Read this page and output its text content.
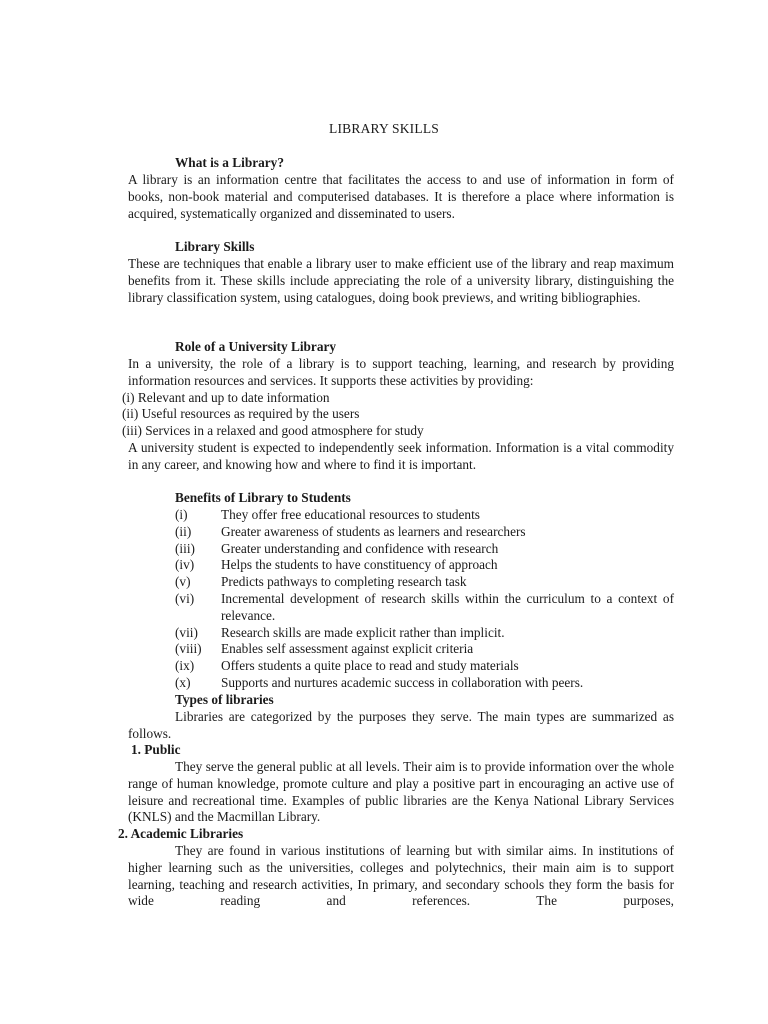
LIBRARY SKILLS
What is a Library?

A library is an information centre that facilitates the access to and use of information in form of books, non-book material and computerised databases. It is therefore a place where information is acquired, systematically organized and disseminated to users.

Library Skills

These are techniques that enable a library user to make efficient use of the library and reap maximum benefits from it. These skills include appreciating the role of a university library, distinguishing the library classification system, using catalogues, doing book previews, and writing bibliographies.

Role of a University Library

In a university, the role of a library is to support teaching, learning, and research by providing information resources and services. It supports these activities by providing:

(i) Relevant and up to date information

(ii) Useful resources as required by the users

(iii) Services in a relaxed and good atmosphere for study

A university student is expected to independently seek information. Information is a vital commodity in any career, and knowing how and where to find it is important.

Benefits of Library to Students

(i)	They offer free educational resources to students

(ii) Greater awareness of students as learners and researchers

(iii) Greater understanding and confidence with research

(iv) Helps the students to have constituency of approach

(v) Predicts pathways to completing research task

(vi) Incremental development of research skills within the curriculum to a context of relevance.

(vii) Research skills are made explicit rather than implicit.

(viii) Enables self assessment against explicit criteria

(ix) Offers students a quite place to read and study materials

(x) Supports and nurtures academic success in collaboration with peers.

Types of libraries

Libraries are categorized by the purposes they serve. The main types are summarized as follows.

1. Public

They serve the general public at all levels. Their aim is to provide information over the whole range of human knowledge, promote culture and play a positive part in encouraging an active use of leisure and recreational time. Examples of public libraries are the Kenya National Library Services (KNLS) and the Macmillan Library.

2. Academic Libraries

They are found in various institutions of learning but with similar aims. In institutions of higher learning such as the universities, colleges and polytechnics, their main aim is to support learning, teaching and research activities, In primary, and secondary schools they form the basis for wide reading and references. The purposes,
